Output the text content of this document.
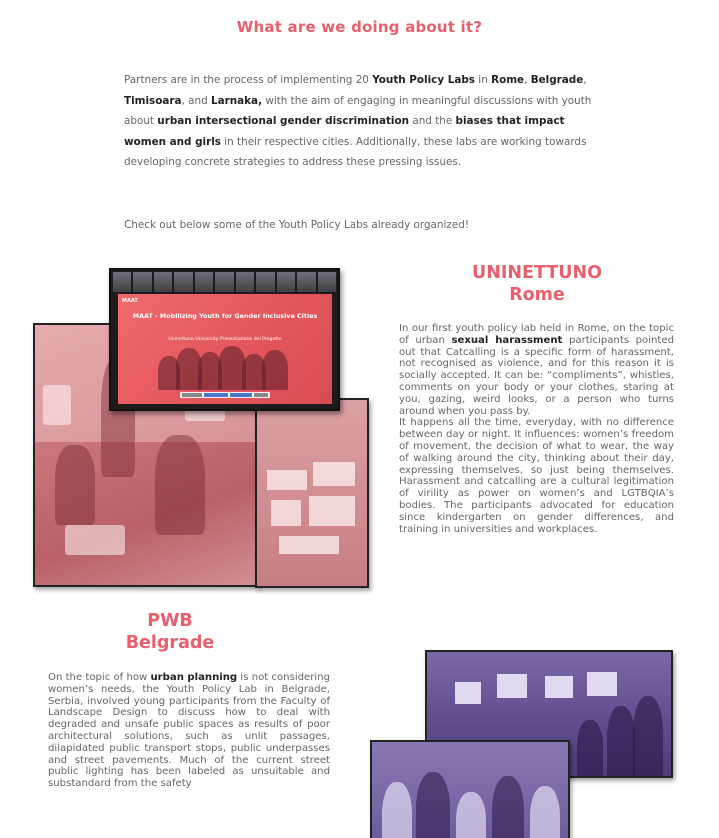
What are we doing about it?

Partners are in the process of implementing 20 Youth Policy Labs in Rome, Belgrade, Timisoara, and Larnaka, with the aim of engaging in meaningful discussions with youth about urban intersectional gender discrimination and the biases that impact women and girls in their respective cities. Additionally, these labs are working towards developing concrete strategies to address these pressing issues.

Check out below some of the Youth Policy Labs already organized!

MAAT
MAAT - Mobilizing Youth for Gender Inclusive Cities
Uninettuno University Presentazione del Progetto
UNINETTUNO
Rome

In our first youth policy lab held in Rome, on the topic of urban sexual harassment participants pointed out that Catcalling is a specific form of harassment, not recognised as violence, and for this reason it is socially accepted. It can be: “compliments”, whistles, comments on your body or your clothes, staring at you, gazing, weird looks, or a person who turns around when you pass by.

It happens all the time, everyday, with no difference between day or night. It influences: women’s freedom of movement, the decision of what to wear, the way of walking around the city, thinking about their day, expressing themselves, so just being themselves. Harassment and catcalling are a cultural legitimation of virility as power on women’s and LGTBQIA’s bodies. The participants advocated for education since kindergarten on gender differences, and training in universities and workplaces.

PWB
Belgrade

On the topic of how urban planning is not considering women’s needs, the Youth Policy Lab in Belgrade, Serbia, involved young participants from the Faculty of Landscape Design to discuss how to deal with degraded and unsafe public spaces as results of poor architectural solutions, such as unlit passages, dilapidated public transport stops, public underpasses and street pavements. Much of the current street public lighting has been labeled as unsuitable and substandard from the safety
